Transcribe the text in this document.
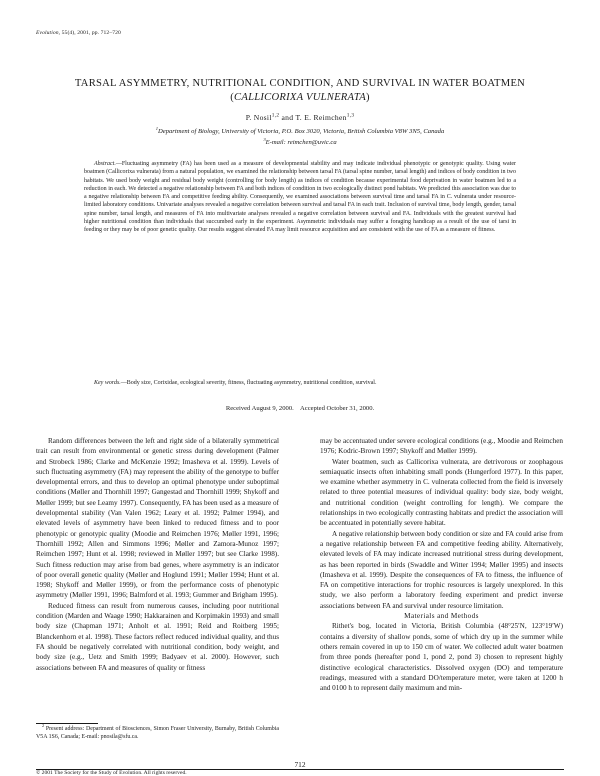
Evolution, 55(4), 2001, pp. 712–720
TARSAL ASYMMETRY, NUTRITIONAL CONDITION, AND SURVIVAL IN WATER BOATMEN (CALLICORIXA VULNERATA)
P. Nosil$^{1,2}$ and T. E. Reimchen$^{1,3}$
$^1$Department of Biology, University of Victoria, P.O. Box 3020, Victoria, British Columbia V8W 3N5, Canada
$^3$E-mail: reimchen@uvic.ca

Abstract.—Fluctuating asymmetry (FA) has been used as a measure of developmental stability and may indicate individual phenotypic or genotypic quality. Using water boatmen (Callicorixa vulnerata) from a natural population, we examined the relationship between tarsal FA (tarsal spine number, tarsal length) and indices of body condition in two habitats. We used body weight and residual body weight (controlling for body length) as indices of condition because experimental food deprivation in water boatmen led to a reduction in each. We detected a negative relationship between FA and both indices of condition in two ecologically distinct pond habitats. We predicted this association was due to a negative relationship between FA and competitive feeding ability. Consequently, we examined associations between survival time and tarsal FA in C. vulnerata under resource-limited laboratory conditions. Univariate analyses revealed a negative correlation between survival and tarsal FA in each trait. Inclusion of survival time, body length, gender, tarsal spine number, tarsal length, and measures of FA into multivariate analyses revealed a negative correlation between survival and FA. Individuals with the greatest survival had higher nutritional condition than individuals that succumbed early in the experiment. Asymmetric individuals may suffer a foraging handicap as a result of the use of tarsi in feeding or they may be of poor genetic quality. Our results suggest elevated FA may limit resource acquisition and are consistent with the use of FA as a measure of fitness.

Key words.—Body size, Corixidae, ecological severity, fitness, fluctuating asymmetry, nutritional condition, survival.
Received August 9, 2000.    Accepted October 31, 2000.

Random differences between the left and right side of a bilaterally symmetrical trait can result from environmental or genetic stress during development (Palmer and Strobeck 1986; Clarke and McKenzie 1992; Imasheva et al. 1999). Levels of such fluctuating asymmetry (FA) may represent the ability of the genotype to buffer developmental errors, and thus to develop an optimal phenotype under suboptimal conditions (Møller and Thornhill 1997; Gangestad and Thornhill 1999; Shykoff and Møller 1999; but see Leamy 1997). Consequently, FA has been used as a measure of developmental stability (Van Valen 1962; Leary et al. 1992; Palmer 1994), and elevated levels of asymmetry have been linked to reduced fitness and to poor phenotypic or genotypic quality (Moodie and Reimchen 1976; Møller 1991, 1996; Thornhill 1992; Allen and Simmons 1996; Møller and Zamora-Munoz 1997; Reimchen 1997; Hunt et al. 1998; reviewed in Møller 1997; but see Clarke 1998). Such fitness reduction may arise from bad genes, where asymmetry is an indicator of poor overall genetic quality (Møller and Hoglund 1991; Møller 1994; Hunt et al. 1998; Shykoff and Møller 1999), or from the performance costs of phenotypic asymmetry (Møller 1991, 1996; Balmford et al. 1993; Gummer and Brigham 1995).

Reduced fitness can result from numerous causes, including poor nutritional condition (Marden and Waage 1990; Hakkarainen and Korpimakin 1993) and small body size (Chapman 1971; Anholt et al. 1991; Reid and Roitberg 1995; Blanckenhorn et al. 1998). These factors reflect reduced individual quality, and thus FA should be negatively correlated with nutritional condition, body weight, and body size (e.g., Uetz and Smith 1999; Badyaev et al. 2000). However, such associations between FA and measures of quality or fitness

may be accentuated under severe ecological conditions (e.g., Moodie and Reimchen 1976; Kodric-Brown 1997; Shykoff and Møller 1999).

Water boatmen, such as Callicorixa vulnerata, are detrivorous or zoophagous semiaquatic insects often inhabiting small ponds (Hungerford 1977). In this paper, we examine whether asymmetry in C. vulnerata collected from the field is inversely related to three potential measures of individual quality: body size, body weight, and nutritional condition (weight controlling for length). We compare the relationships in two ecologically contrasting habitats and predict the association will be accentuated in potentially severe habitat.

A negative relationship between body condition or size and FA could arise from a negative relationship between FA and competitive feeding ability. Alternatively, elevated levels of FA may indicate increased nutritional stress during development, as has been reported in birds (Swaddle and Witter 1994; Møller 1995) and insects (Imasheva et al. 1999). Despite the consequences of FA to fitness, the influence of FA on competitive interactions for trophic resources is largely unexplored. In this study, we also perform a laboratory feeding experiment and predict inverse associations between FA and survival under resource limitation.

Materials and Methods

Rithet's bog, located in Victoria, British Columbia (48°25′N, 123°19′W) contains a diversity of shallow ponds, some of which dry up in the summer while others remain covered in up to 150 cm of water. We collected adult water boatmen from three ponds (hereafter pond 1, pond 2, pond 3) chosen to represent highly distinctive ecological characteristics. Dissolved oxygen (DO) and temperature readings, measured with a standard DO/temperature meter, were taken at 1200 h and 0100 h to represent daily maximum and min-

$^2$ Present address: Department of Biosciences, Simon Fraser University, Burnaby, British Columbia V5A 1S6, Canada; E-mail: pnosila@sfu.ca.
712
© 2001 The Society for the Study of Evolution. All rights reserved.
